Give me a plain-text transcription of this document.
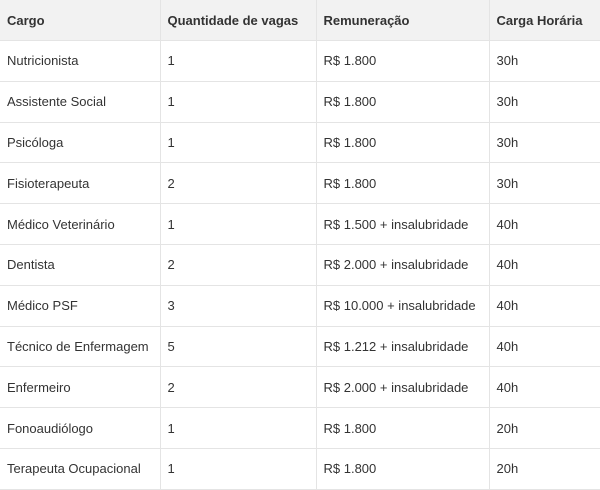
Cargo	Quantidade de vagas	Remuneração	Carga Horária
Nutricionista	1	R$ 1.800	30h
Assistente Social	1	R$ 1.800	30h
Psicóloga	1	R$ 1.800	30h
Fisioterapeuta	2	R$ 1.800	30h
Médico Veterinário	1	R$ 1.500 + insalubridade	40h
Dentista	2	R$ 2.000 + insalubridade	40h
Médico PSF	3	R$ 10.000 + insalubridade	40h
Técnico de Enfermagem	5	R$ 1.212 + insalubridade	40h
Enfermeiro	2	R$ 2.000 + insalubridade	40h
Fonoaudiólogo	1	R$ 1.800	20h
Terapeuta Ocupacional	1	R$ 1.800	20h
